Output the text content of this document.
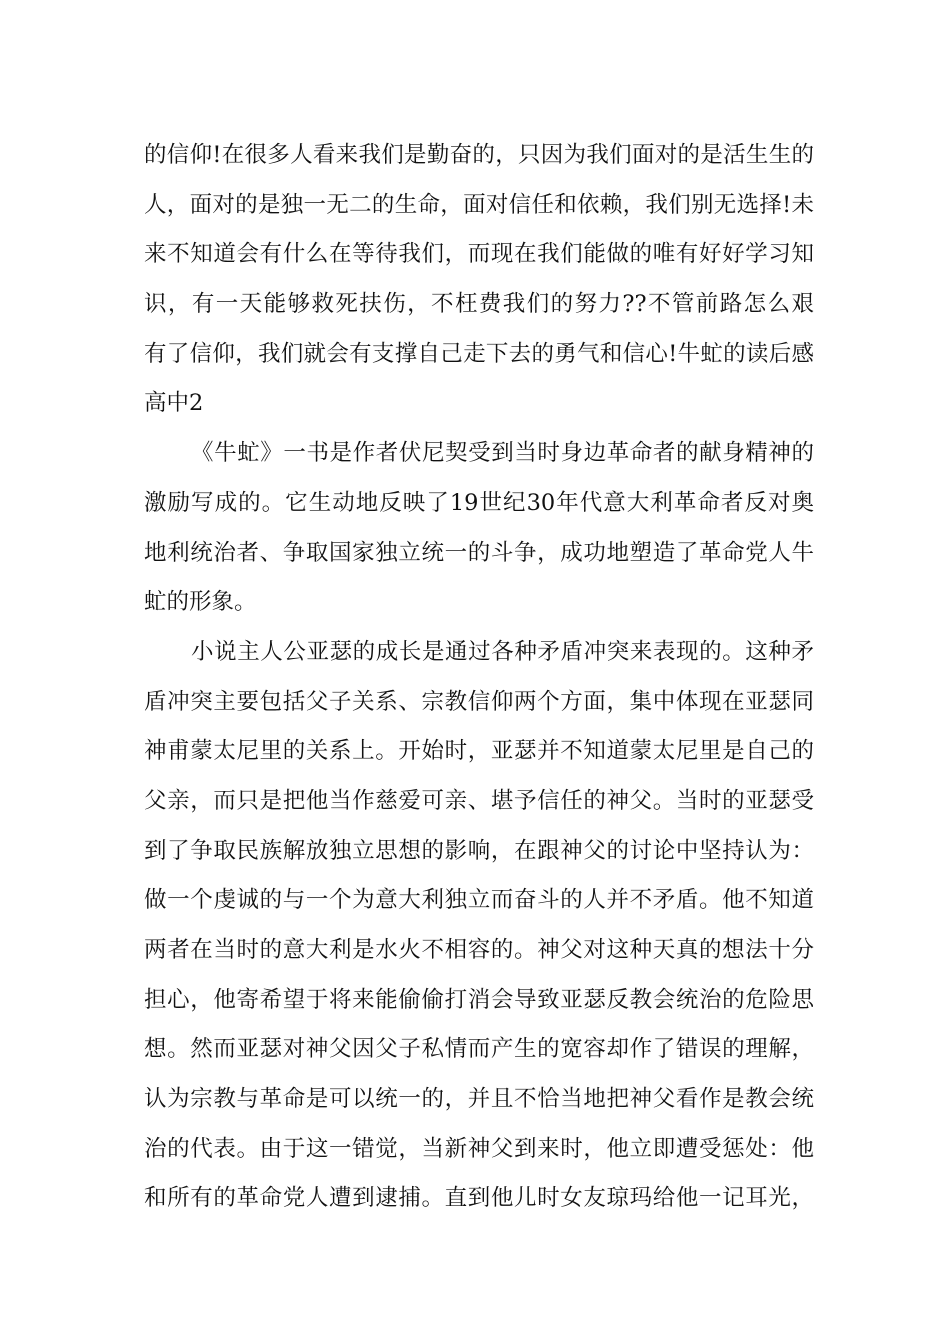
的信仰!在很多人看来我们是勤奋的，只因为我们面对的是活生生的
人，面对的是独一无二的生命，面对信任和依赖，我们别无选择!未
来不知道会有什么在等待我们，而现在我们能做的唯有好好学习知
识，有一天能够救死扶伤，不枉费我们的努力??不管前路怎么艰
有了信仰，我们就会有支撑自己走下去的勇气和信心!牛虻的读后感
高中2
《牛虻》一书是作者伏尼契受到当时身边革命者的献身精神的
激励写成的。它生动地反映了19世纪30年代意大利革命者反对奥
地利统治者、争取国家独立统一的斗争，成功地塑造了革命党人牛
虻的形象。
小说主人公亚瑟的成长是通过各种矛盾冲突来表现的。这种矛
盾冲突主要包括父子关系、宗教信仰两个方面，集中体现在亚瑟同
神甫蒙太尼里的关系上。开始时，亚瑟并不知道蒙太尼里是自己的
父亲，而只是把他当作慈爱可亲、堪予信任的神父。当时的亚瑟受
到了争取民族解放独立思想的影响，在跟神父的讨论中坚持认为：
做一个虔诚的与一个为意大利独立而奋斗的人并不矛盾。他不知道
两者在当时的意大利是水火不相容的。神父对这种天真的想法十分
担心，他寄希望于将来能偷偷打消会导致亚瑟反教会统治的危险思
想。然而亚瑟对神父因父子私情而产生的宽容却作了错误的理解，
认为宗教与革命是可以统一的，并且不恰当地把神父看作是教会统
治的代表。由于这一错觉，当新神父到来时，他立即遭受惩处：他
和所有的革命党人遭到逮捕。直到他儿时女友琼玛给他一记耳光，
